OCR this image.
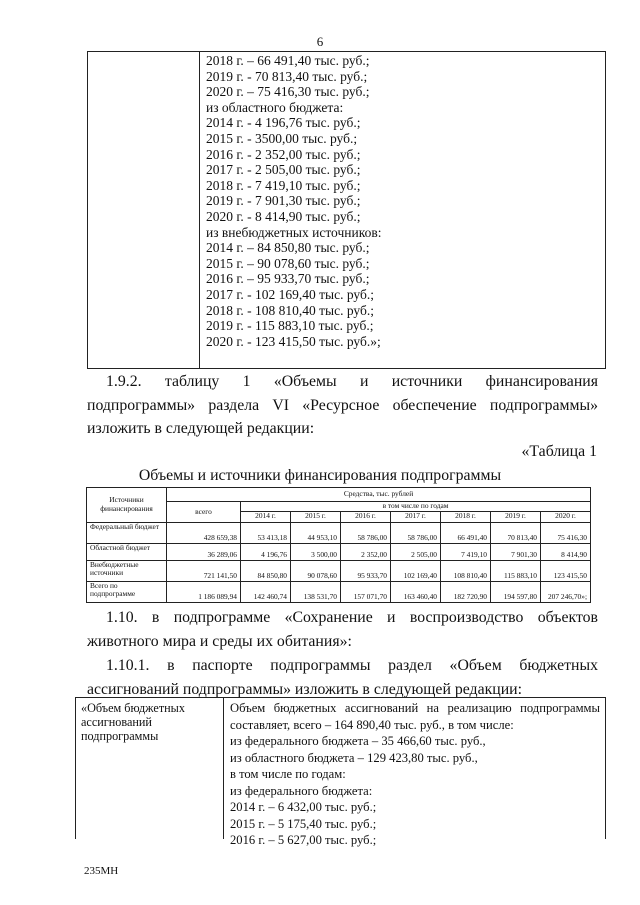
6
2018 г. – 66 491,40 тыс. руб.;
2019 г. - 70 813,40 тыс. руб.;
2020 г. – 75 416,30 тыс. руб.;
из областного бюджета:
2014 г. - 4 196,76 тыс. руб.;
2015 г. - 3500,00 тыс. руб.;
2016 г. - 2 352,00 тыс. руб.;
2017 г. - 2 505,00 тыс. руб.;
2018 г. - 7 419,10 тыс. руб.;
2019 г. - 7 901,30 тыс. руб.;
2020 г. - 8 414,90 тыс. руб.;
из внебюджетных источников:
2014 г. – 84 850,80 тыс. руб.;
2015 г. – 90 078,60 тыс. руб.;
2016 г. – 95 933,70 тыс. руб.;
2017 г. - 102 169,40 тыс. руб.;
2018 г. - 108 810,40 тыс. руб.;
2019 г. - 115 883,10 тыс. руб.;
2020 г. - 123 415,50 тыс. руб.»;
1.9.2. таблицу 1 «Объемы и источники финансирования
подпрограммы» раздела VI «Ресурсное обеспечение подпрограммы»
изложить в следующей редакции:
«Таблица 1
Объемы и источники финансирования подпрограммы
Источники финансирования	Средства, тыс. рублей							
	всего	в том числе по годам						
		2014 г.	2015 г.	2016 г.	2017 г.	2018 г.	2019 г.	2020 г.
Федеральный бюджет	428 659,38	53 413,18	44 953,10	58 786,00	58 786,00	66 491,40	70 813,40	75 416,30
Областной бюджет	36 289,06	4 196,76	3 500,00	2 352,00	2 505,00	7 419,10	7 901,30	8 414,90
Внебюджетные источники	721 141,50	84 850,80	90 078,60	95 933,70	102 169,40	108 810,40	115 883,10	123 415,50
Всего по подпрограмме	1 186 089,94	142 460,74	138 531,70	157 071,70	163 460,40	182 720,90	194 597,80	207 246,70»;
1.10. в подпрограмме «Сохранение и воспроизводство объектов
животного мира и среды их обитания»:
1.10.1. в паспорте подпрограммы раздел «Объем бюджетных
ассигнований подпрограммы» изложить в следующей редакции:
«Объем бюджетных ассигнований подпрограммы
Объем бюджетных ассигнований на реализацию подпрограммы
составляет, всего – 164 890,40 тыс. руб., в том числе:
из федерального бюджета – 35 466,60 тыс. руб.,
из областного бюджета – 129 423,80 тыс. руб.,
в том числе по годам:
из федерального бюджета:
2014 г. – 6 432,00 тыс. руб.;
2015 г. – 5 175,40 тыс. руб.;
2016 г. – 5 627,00 тыс. руб.;
235МН
